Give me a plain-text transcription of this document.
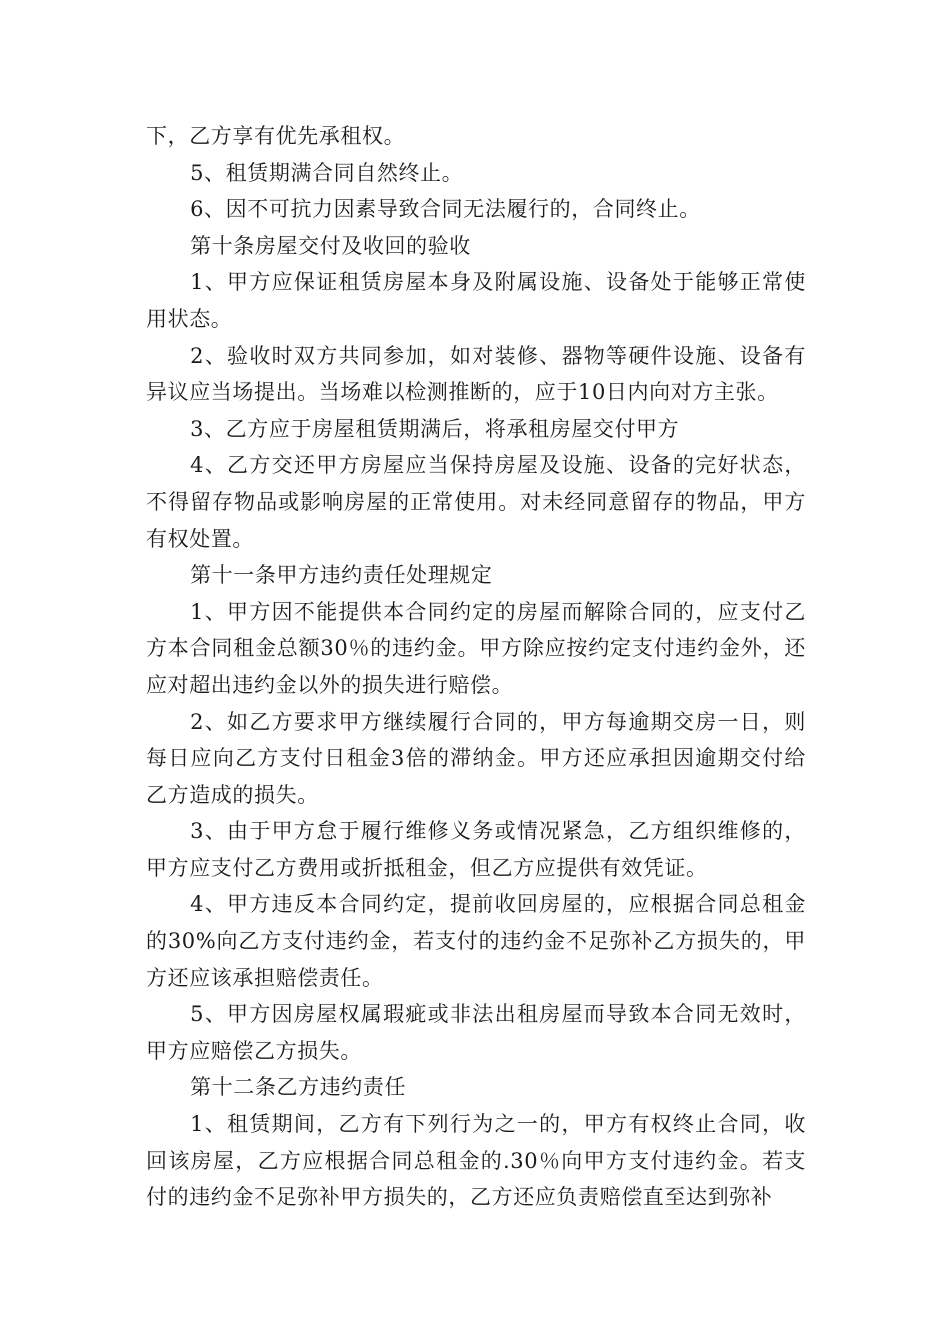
下，乙方享有优先承租权。

5、租赁期满合同自然终止。

6、因不可抗力因素导致合同无法履行的，合同终止。

第十条房屋交付及收回的验收

1、甲方应保证租赁房屋本身及附属设施、设备处于能够正常使用状态。

2、验收时双方共同参加，如对装修、器物等硬件设施、设备有异议应当场提出。当场难以检测推断的，应于10日内向对方主张。

3、乙方应于房屋租赁期满后，将承租房屋交付甲方

4、乙方交还甲方房屋应当保持房屋及设施、设备的完好状态，不得留存物品或影响房屋的正常使用。对未经同意留存的物品，甲方有权处置。

第十一条甲方违约责任处理规定

1、甲方因不能提供本合同约定的房屋而解除合同的，应支付乙方本合同租金总额30％的违约金。甲方除应按约定支付违约金外，还应对超出违约金以外的损失进行赔偿。

2、如乙方要求甲方继续履行合同的，甲方每逾期交房一日，则每日应向乙方支付日租金3倍的滞纳金。甲方还应承担因逾期交付给乙方造成的损失。

3、由于甲方怠于履行维修义务或情况紧急，乙方组织维修的，甲方应支付乙方费用或折抵租金，但乙方应提供有效凭证。

4、甲方违反本合同约定，提前收回房屋的，应根据合同总租金的30%向乙方支付违约金，若支付的违约金不足弥补乙方损失的，甲方还应该承担赔偿责任。

5、甲方因房屋权属瑕疵或非法出租房屋而导致本合同无效时，甲方应赔偿乙方损失。

第十二条乙方违约责任

1、租赁期间，乙方有下列行为之一的，甲方有权终止合同，收回该房屋，乙方应根据合同总租金的.30％向甲方支付违约金。若支付的违约金不足弥补甲方损失的，乙方还应负责赔偿直至达到弥补
